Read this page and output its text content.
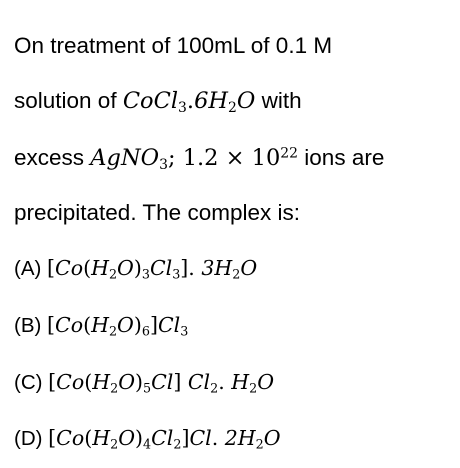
On treatment of 100mL of 0.1 M
solution of $CoCl_3.6H_2O$ with
excess AgNO$_3$; $1.2 \times 10^{22}$ ions are
precipitated. The complex is:
(A) $[Co(H_2O)_3Cl_3]$. $3H_2O$
(B) $[Co(H_2O)_6]Cl_3$
(C) $[Co(H_2O)_5Cl]$ $Cl_2$. $H_2O$
(D) $[Co(H_2O)_4Cl_2]Cl$. $2H_2O$
